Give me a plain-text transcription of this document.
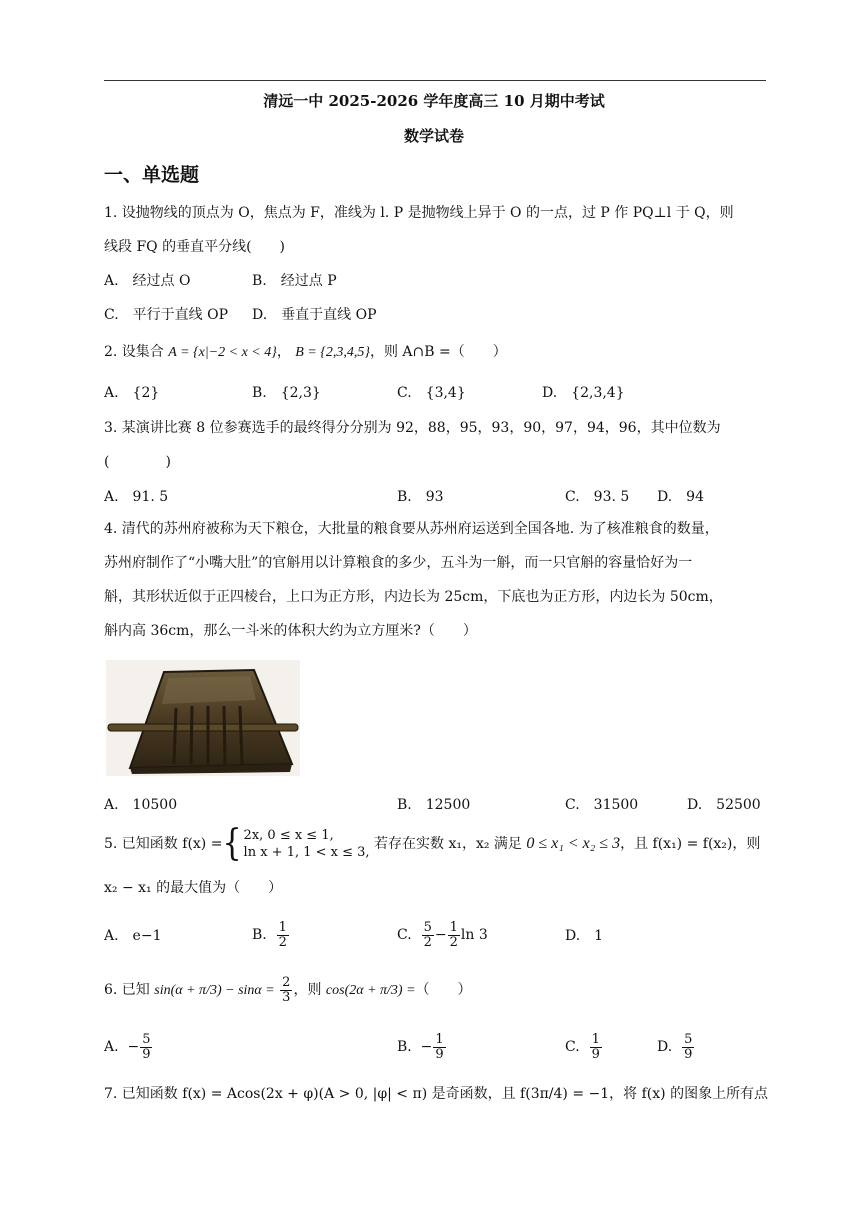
清远一中 2025-2026 学年度高三 10 月期中考试
数学试卷
一、单选题
1. 设抛物线的顶点为 O，焦点为 F，准线为 l. P 是抛物线上异于 O 的一点，过 P 作 PQ⊥l 于 Q，则
线段 FQ 的垂直平分线(　　)
A.　经过点 O	B.　经过点 P
C.　平行于直线 OP D.　垂直于直线 OP
2. 设集合 A = {x|−2 < x < 4}， B = {2,3,4,5}，则 A∩B =（　　）
A.　{2}	B.　{2,3}	C.　{3,4}	D.　{2,3,4}
3. 某演讲比赛 8 位参赛选手的最终得分分别为 92，88，95，93，90，97，94，96，其中位数为
(　　　　)
A.　91. 5	B.　93	C.　93. 5 D.　94
4. 清代的苏州府被称为天下粮仓，大批量的粮食要从苏州府运送到全国各地. 为了核准粮食的数量，
苏州府制作了“小嘴大肚”的官斛用以计算粮食的多少，五斗为一斛，而一只官斛的容量恰好为一
斛，其形状近似于正四棱台，上口为正方形，内边长为 25cm，下底也为正方形，内边长为 50cm，
斛内高 36cm，那么一斗米的体积大约为立方厘米?（　　）
A.　10500	B.　12500	C.　31500	D.　52500
5. 已知函数 f(x) ={ 2x, 0 ≤ x ≤ 1,
ln x + 1, 1 < x ≤ 3,
若存在实数 x₁，x₂ 满足 0 ≤ x₁ < x₂ ≤ 3，且 f(x₁) = f(x₂)，则
x₂ − x₁ 的最大值为（　　）
A.　e−1	B. $\frac{1}{2}$	C. $\frac{5}{2} - \frac{1}{2}$ ln 3	D.　1
6. 已知 $\sin(\alpha + \pi/3) - \sin\alpha = \frac{2}{3}$ ，则 cos(2α + π/3) =（　　）
A. − $\frac{5}{9}$	B. − $\frac{1}{9}$	C. $\frac{1}{9}$	D. $\frac{5}{9}$
7. 已知函数 f(x) = Acos(2x + φ)(A > 0, |φ| < π) 是奇函数，且 f(3π/4) = −1，将 f(x) 的图象上所有点
